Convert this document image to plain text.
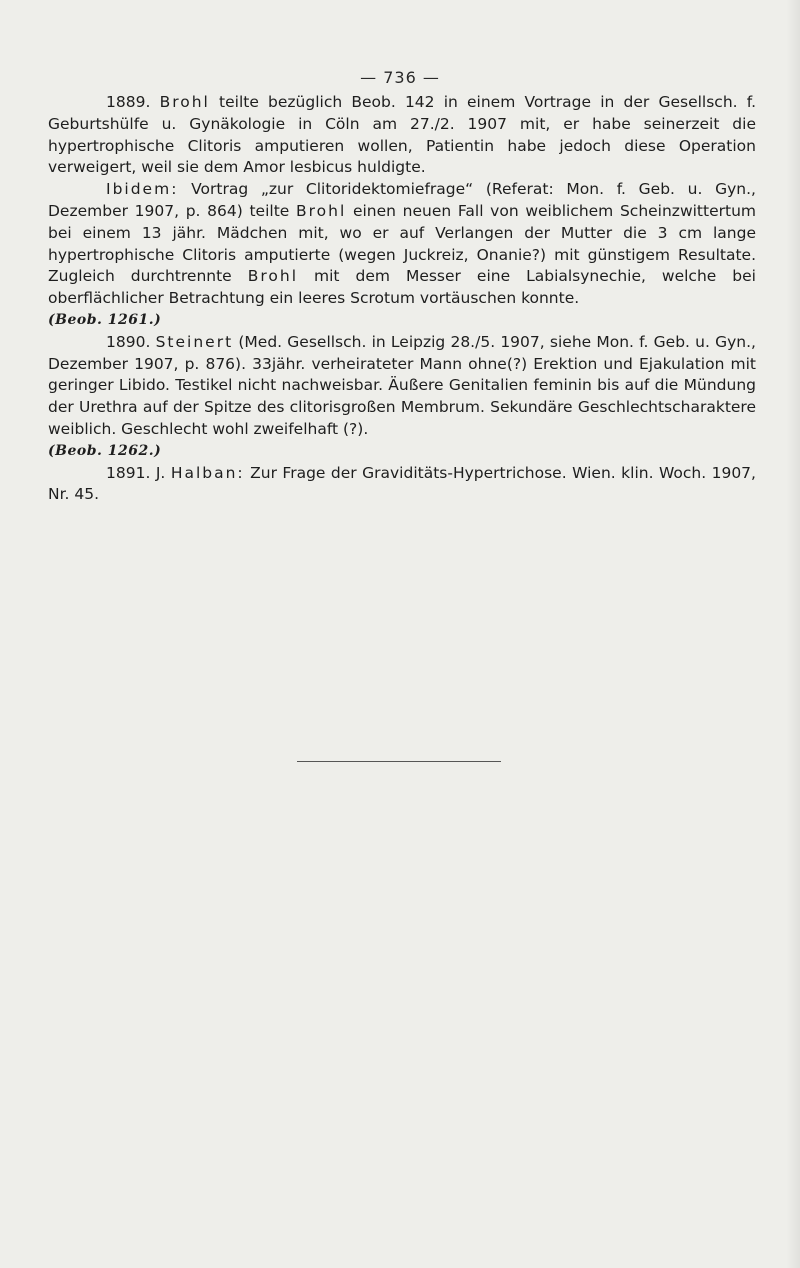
— 736 —

1889. Brohl teilte bezüglich Beob. 142 in einem Vortrage in der Gesellsch. f. Geburtshülfe u. Gynäkologie in Cöln am 27./2. 1907 mit, er habe seinerzeit die hypertrophische Clitoris amputieren wollen, Patientin habe jedoch diese Operation verweigert, weil sie dem Amor lesbicus huldigte.

Ibidem: Vortrag „zur Clitoridektomiefrage“ (Referat: Mon. f. Geb. u. Gyn., Dezember 1907, p. 864) teilte Brohl einen neuen Fall von weiblichem Scheinzwittertum bei einem 13 jähr. Mädchen mit, wo er auf Verlangen der Mutter die 3 cm lange hypertrophische Clitoris amputierte (wegen Juckreiz, Onanie?) mit günstigem Resultate. Zugleich durchtrennte Brohl mit dem Messer eine Labialsynechie, welche bei oberflächlicher Betrachtung ein leeres Scrotum vortäuschen konnte.

(Beob. 1261.)

1890. Steinert (Med. Gesellsch. in Leipzig 28./5. 1907, siehe Mon. f. Geb. u. Gyn., Dezember 1907, p. 876). 33jähr. verheirateter Mann ohne(?) Erektion und Ejakulation mit geringer Libido. Testikel nicht nachweisbar. Äußere Genitalien feminin bis auf die Mündung der Urethra auf der Spitze des clitorisgroßen Membrum. Sekundäre Geschlechtscharaktere weiblich. Geschlecht wohl zweifelhaft (?).

(Beob. 1262.)

1891. J. Halban: Zur Frage der Graviditäts-Hypertrichose. Wien. klin. Woch. 1907, Nr. 45.
